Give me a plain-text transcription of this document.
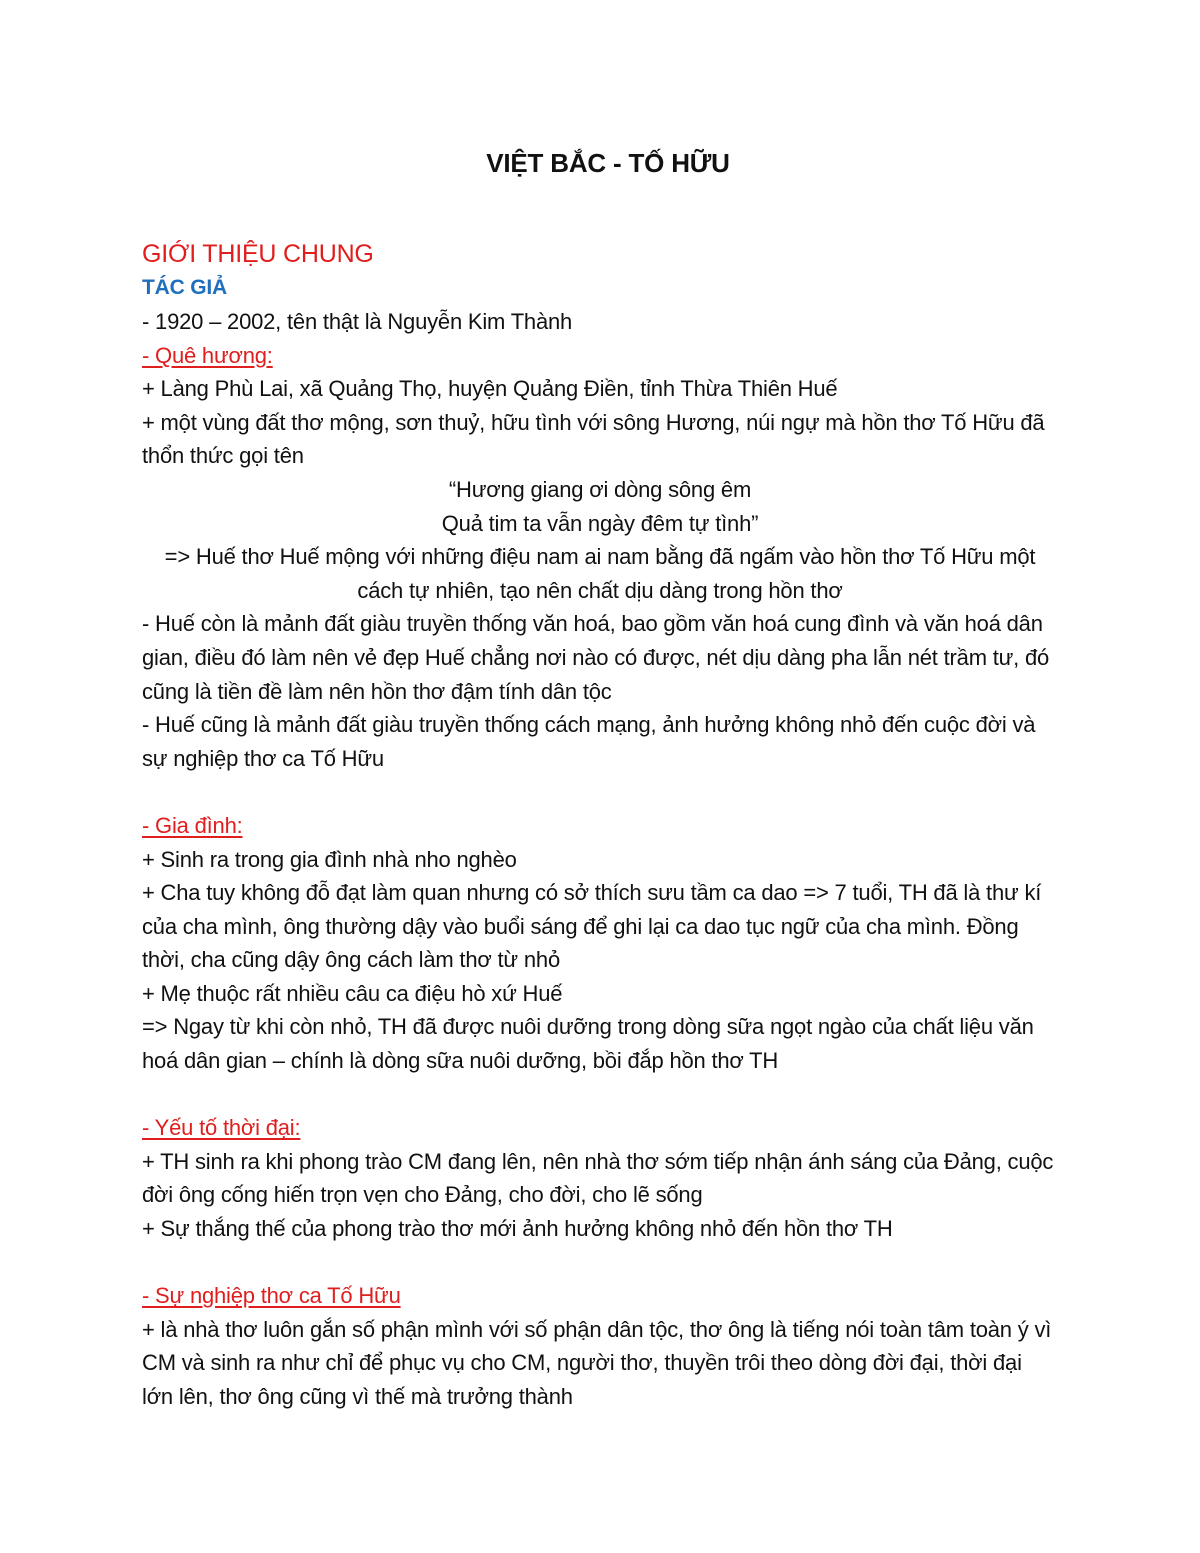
VIỆT BẮC - TỐ HỮU
GIỚI THIỆU CHUNG
TÁC GIẢ

- 1920 – 2002, tên thật là Nguyễn Kim Thành

- Quê hương:

+ Làng Phù Lai, xã Quảng Thọ, huyện Quảng Điền, tỉnh Thừa Thiên Huế

+ một vùng đất thơ mộng, sơn thuỷ, hữu tình với sông Hương, núi ngự mà hồn thơ Tố Hữu đã thổn thức gọi tên

“Hương giang ơi dòng sông êm

Quả tim ta vẫn ngày đêm tự tình”

=> Huế thơ Huế mộng với những điệu nam ai nam bằng đã ngấm vào hồn thơ Tố Hữu một cách tự nhiên, tạo nên chất dịu dàng trong hồn thơ

- Huế còn là mảnh đất giàu truyền thống văn hoá, bao gồm văn hoá cung đình và văn hoá dân gian, điều đó làm nên vẻ đẹp Huế chẳng nơi nào có được, nét dịu dàng pha lẫn nét trầm tư, đó cũng là tiền đề làm nên hồn thơ đậm tính dân tộc

- Huế cũng là mảnh đất giàu truyền thống cách mạng, ảnh hưởng không nhỏ đến cuộc đời và sự nghiệp thơ ca Tố Hữu

- Gia đình:

+ Sinh ra trong gia đình nhà nho nghèo

+ Cha tuy không đỗ đạt làm quan nhưng có sở thích sưu tầm ca dao => 7 tuổi, TH đã là thư kí của cha mình, ông thường dậy vào buổi sáng để ghi lại ca dao tục ngữ của cha mình. Đồng thời, cha cũng dậy ông cách làm thơ từ nhỏ

+ Mẹ thuộc rất nhiều câu ca điệu hò xứ Huế

=> Ngay từ khi còn nhỏ, TH đã được nuôi dưỡng trong dòng sữa ngọt ngào của chất liệu văn hoá dân gian – chính là dòng sữa nuôi dưỡng, bồi đắp hồn thơ TH

- Yếu tố thời đại:

+ TH sinh ra khi phong trào CM đang lên, nên nhà thơ sớm tiếp nhận ánh sáng của Đảng, cuộc đời ông cống hiến trọn vẹn cho Đảng, cho đời, cho lẽ sống

+ Sự thắng thế của phong trào thơ mới ảnh hưởng không nhỏ đến hồn thơ TH

- Sự nghiệp thơ ca Tố Hữu

+ là nhà thơ luôn gắn số phận mình với số phận dân tộc, thơ ông là tiếng nói toàn tâm toàn ý vì CM và sinh ra như chỉ để phục vụ cho CM, người thơ, thuyền trôi theo dòng đời đại, thời đại lớn lên, thơ ông cũng vì thế mà trưởng thành
